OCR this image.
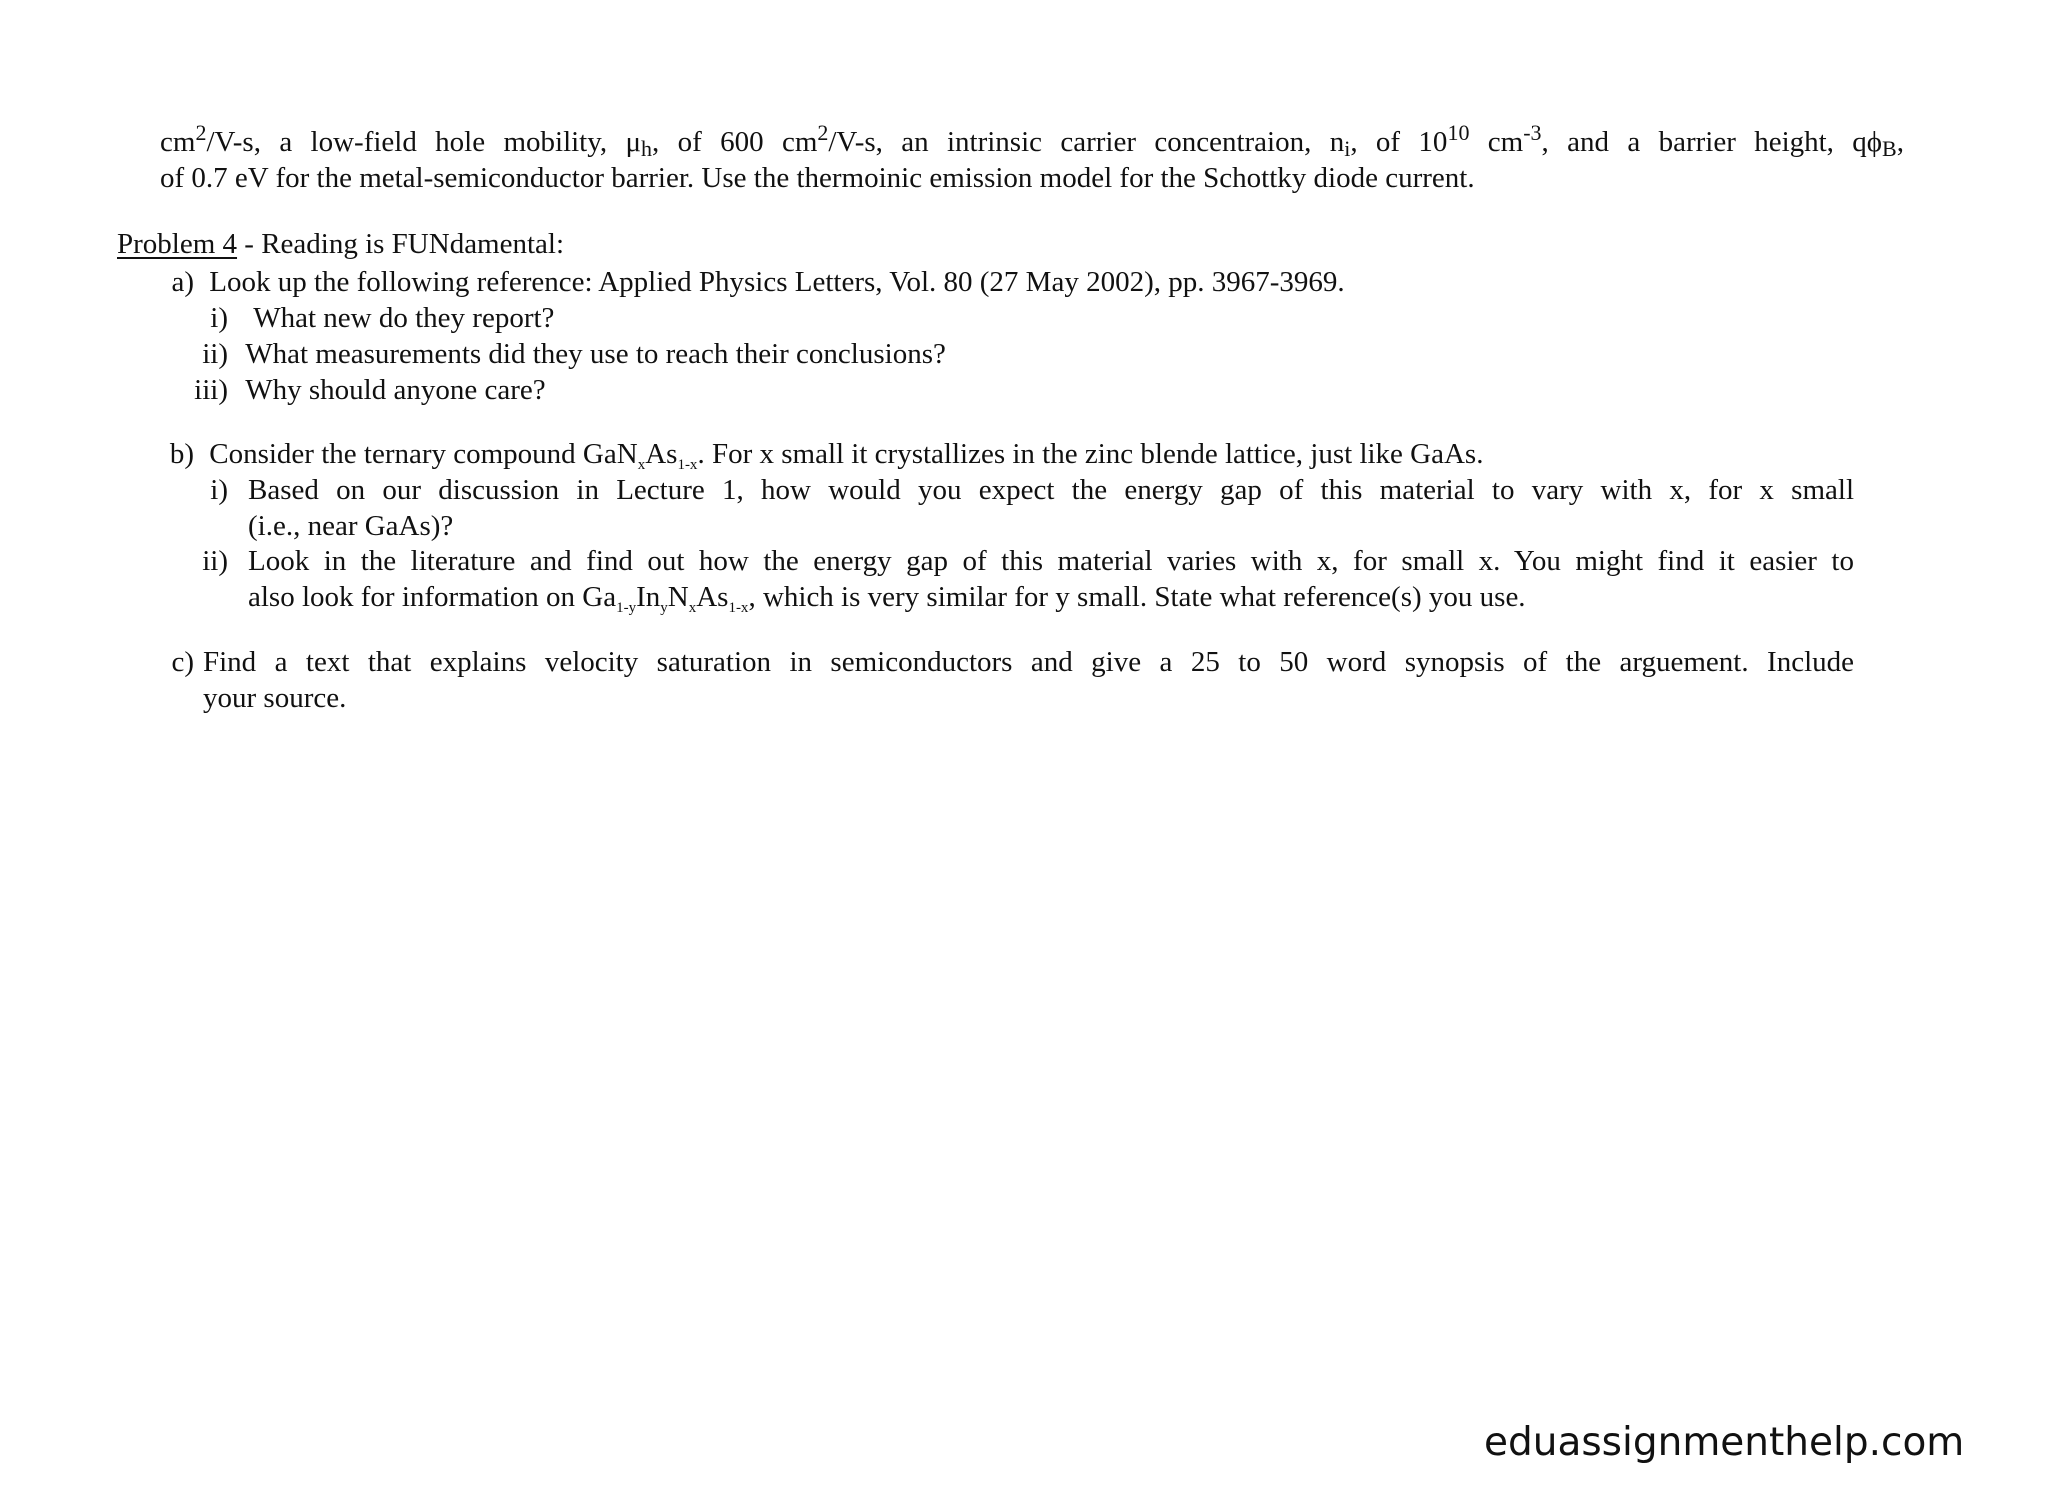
$cm^2/V-s$, a low-field hole mobility, $\mu_h$, of 600 $cm^2/V-s$, an intrinsic carrier concentraion, $n_i$, of $10^{10}$ $cm^{-3}$, and a barrier height, $q\phi_B$,
of 0.7 eV for the metal-semiconductor barrier. Use the thermoinic emission model for the Schottky diode current.
Problem 4 - Reading is FUNdamental:
a) Look up the following reference: Applied Physics Letters, Vol. 80 (27 May 2002), pp. 3967-3969.
i) What new do they report?
ii) What measurements did they use to reach their conclusions?
iii) Why should anyone care?
b) Consider the ternary compound $GaN_xAs_{1-x}$. For x small it crystallizes in the zinc blende lattice, just like GaAs.
i) Based on our discussion in Lecture 1, how would you expect the energy gap of this material to vary with x, for x small
(i.e., near GaAs)?
ii) Look in the literature and find out how the energy gap of this material varies with x, for small x. You might find it easier to
also look for information on $Ga_{1-y}In_yN_xAs_{1-x}$, which is very similar for y small. State what reference(s) you use.
c) Find a text that explains velocity saturation in semiconductors and give a 25 to 50 word synopsis of the arguement. Include
your source.
eduassignmenthelp.com
